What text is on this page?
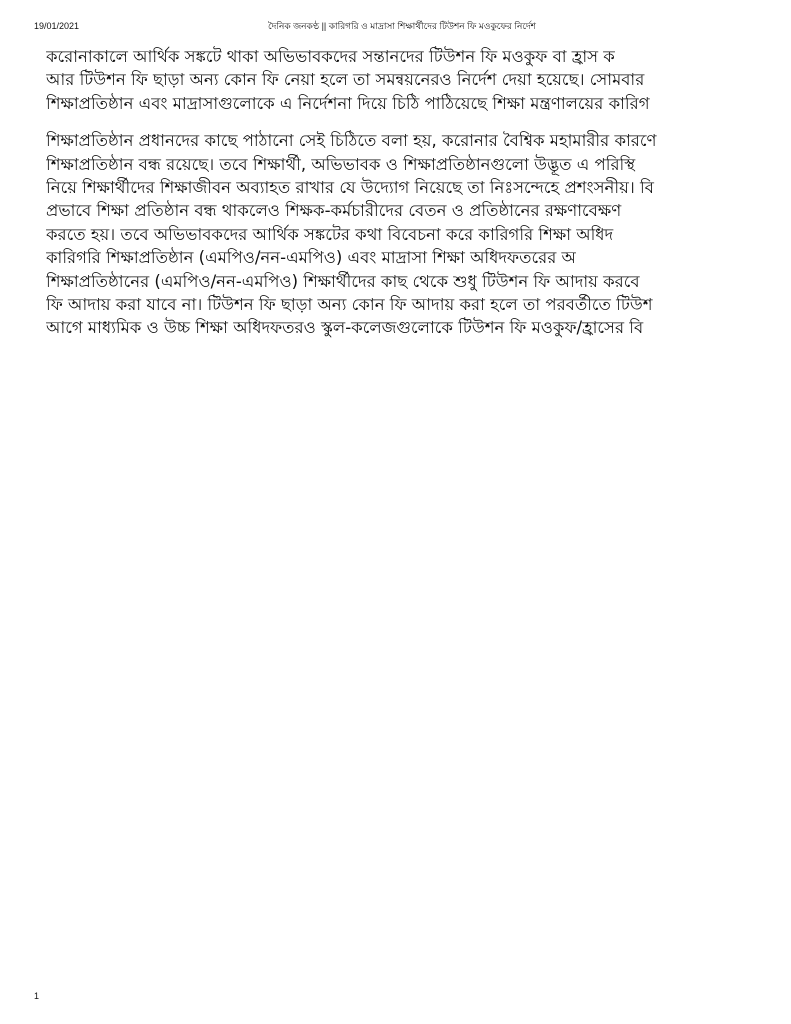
19/01/2021	দৈনিক জনকণ্ঠ || কারিগরি ও মাদ্রাসা শিক্ষার্থীদের টিউশন ফি মওকুফের নির্দেশ
করোনাকালে আর্থিক সঙ্কটে থাকা অভিভাবকদের সন্তানদের টিউশন ফি মওকুফ বা হ্রাস ক
আর টিউশন ফি ছাড়া অন্য কোন ফি নেয়া হলে তা সমন্বয়নেরও নির্দেশ দেয়া হয়েছে। সোমবার
শিক্ষাপ্রতিষ্ঠান এবং মাদ্রাসাগুলোকে এ নির্দেশনা দিয়ে চিঠি পাঠিয়েছে শিক্ষা মন্ত্রণালয়ের কারিগ
শিক্ষাপ্রতিষ্ঠান প্রধানদের কাছে পাঠানো সেই চিঠিতে বলা হয়, করোনার বৈশ্বিক মহামারীর কারণে
শিক্ষাপ্রতিষ্ঠান বন্ধ রয়েছে। তবে শিক্ষার্থী, অভিভাবক ও শিক্ষাপ্রতিষ্ঠানগুলো উদ্ভূত এ পরিস্থি
নিয়ে শিক্ষার্থীদের শিক্ষাজীবন অব্যাহত রাখার যে উদ্যোগ নিয়েছে তা নিঃসন্দেহে প্রশংসনীয়। বি
প্রভাবে শিক্ষা প্রতিষ্ঠান বন্ধ থাকলেও শিক্ষক-কর্মচারীদের বেতন ও প্রতিষ্ঠানের রক্ষণাবেক্ষণ
করতে হয়। তবে অভিভাবকদের আর্থিক সঙ্কটের কথা বিবেচনা করে কারিগরি শিক্ষা অধিদ
কারিগরি শিক্ষাপ্রতিষ্ঠান (এমপিও/নন-এমপিও) এবং মাদ্রাসা শিক্ষা অধিদফতরের অ
শিক্ষাপ্রতিষ্ঠানের (এমপিও/নন-এমপিও) শিক্ষার্থীদের কাছ থেকে শুধু টিউশন ফি আদায় করবে
ফি আদায় করা যাবে না। টিউশন ফি ছাড়া অন্য কোন ফি আদায় করা হলে তা পরবর্তীতে টিউশ
আগে মাধ্যমিক ও উচ্চ শিক্ষা অধিদফতরও স্কুল-কলেজগুলোকে টিউশন ফি মওকুফ/হ্রাসের বি
1
